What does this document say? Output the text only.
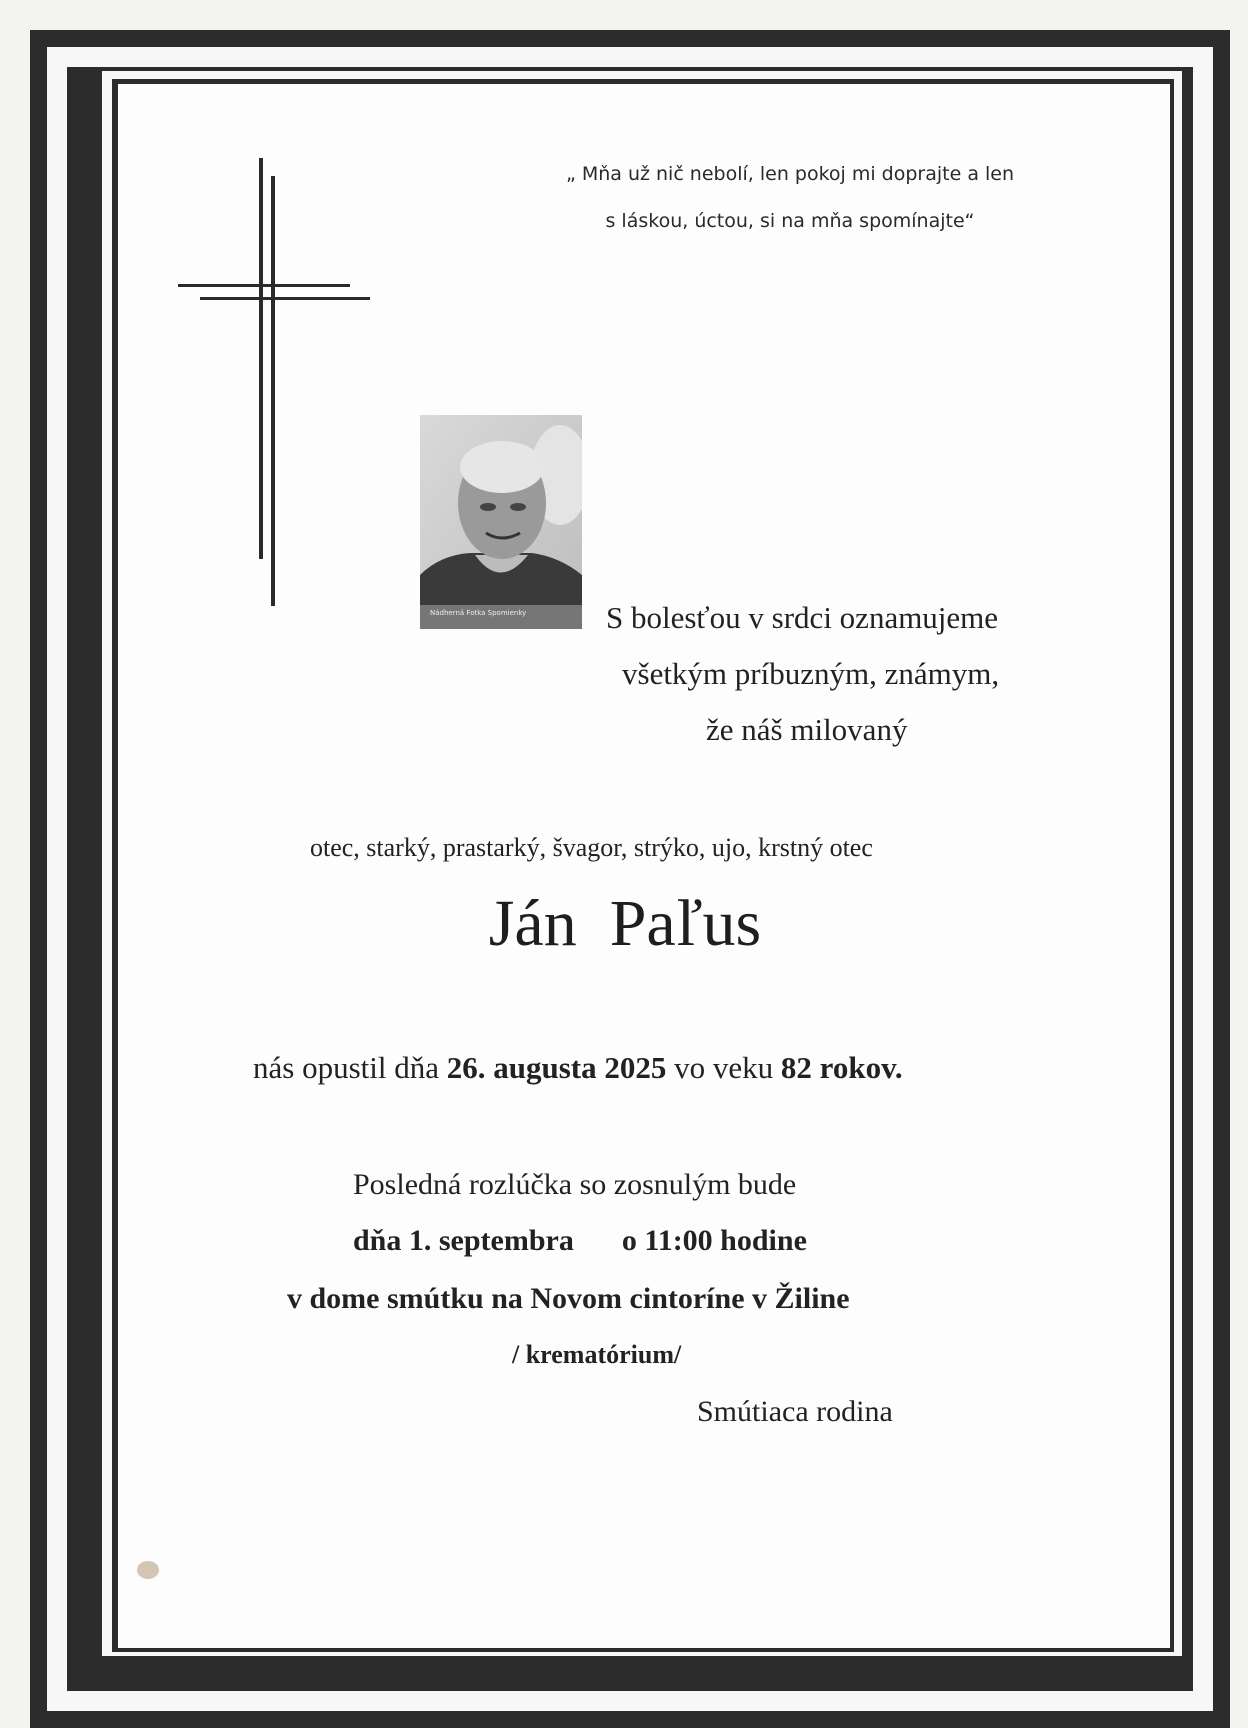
„ Mňa už nič nebolí, len pokoj mi doprajte a len

s láskou, úctou, si na mňa spomínajte“

Nádherná Fotka Spomienky	S bolesťou v srdci oznamujeme

všetkým príbuzným, známym,

že náš milovaný

otec, starký, prastarký, švagor, strýko, ujo, krstný otec

Ján  Paľus

nás opustil dňa 26. augusta 2025 vo veku 82 rokov.

Posledná rozlúčka so zosnulým bude

dňa 1. septembra o 11:00 hodine

v dome smútku na Novom cintoríne v Žiline

/ krematórium/

Smútiaca rodina
